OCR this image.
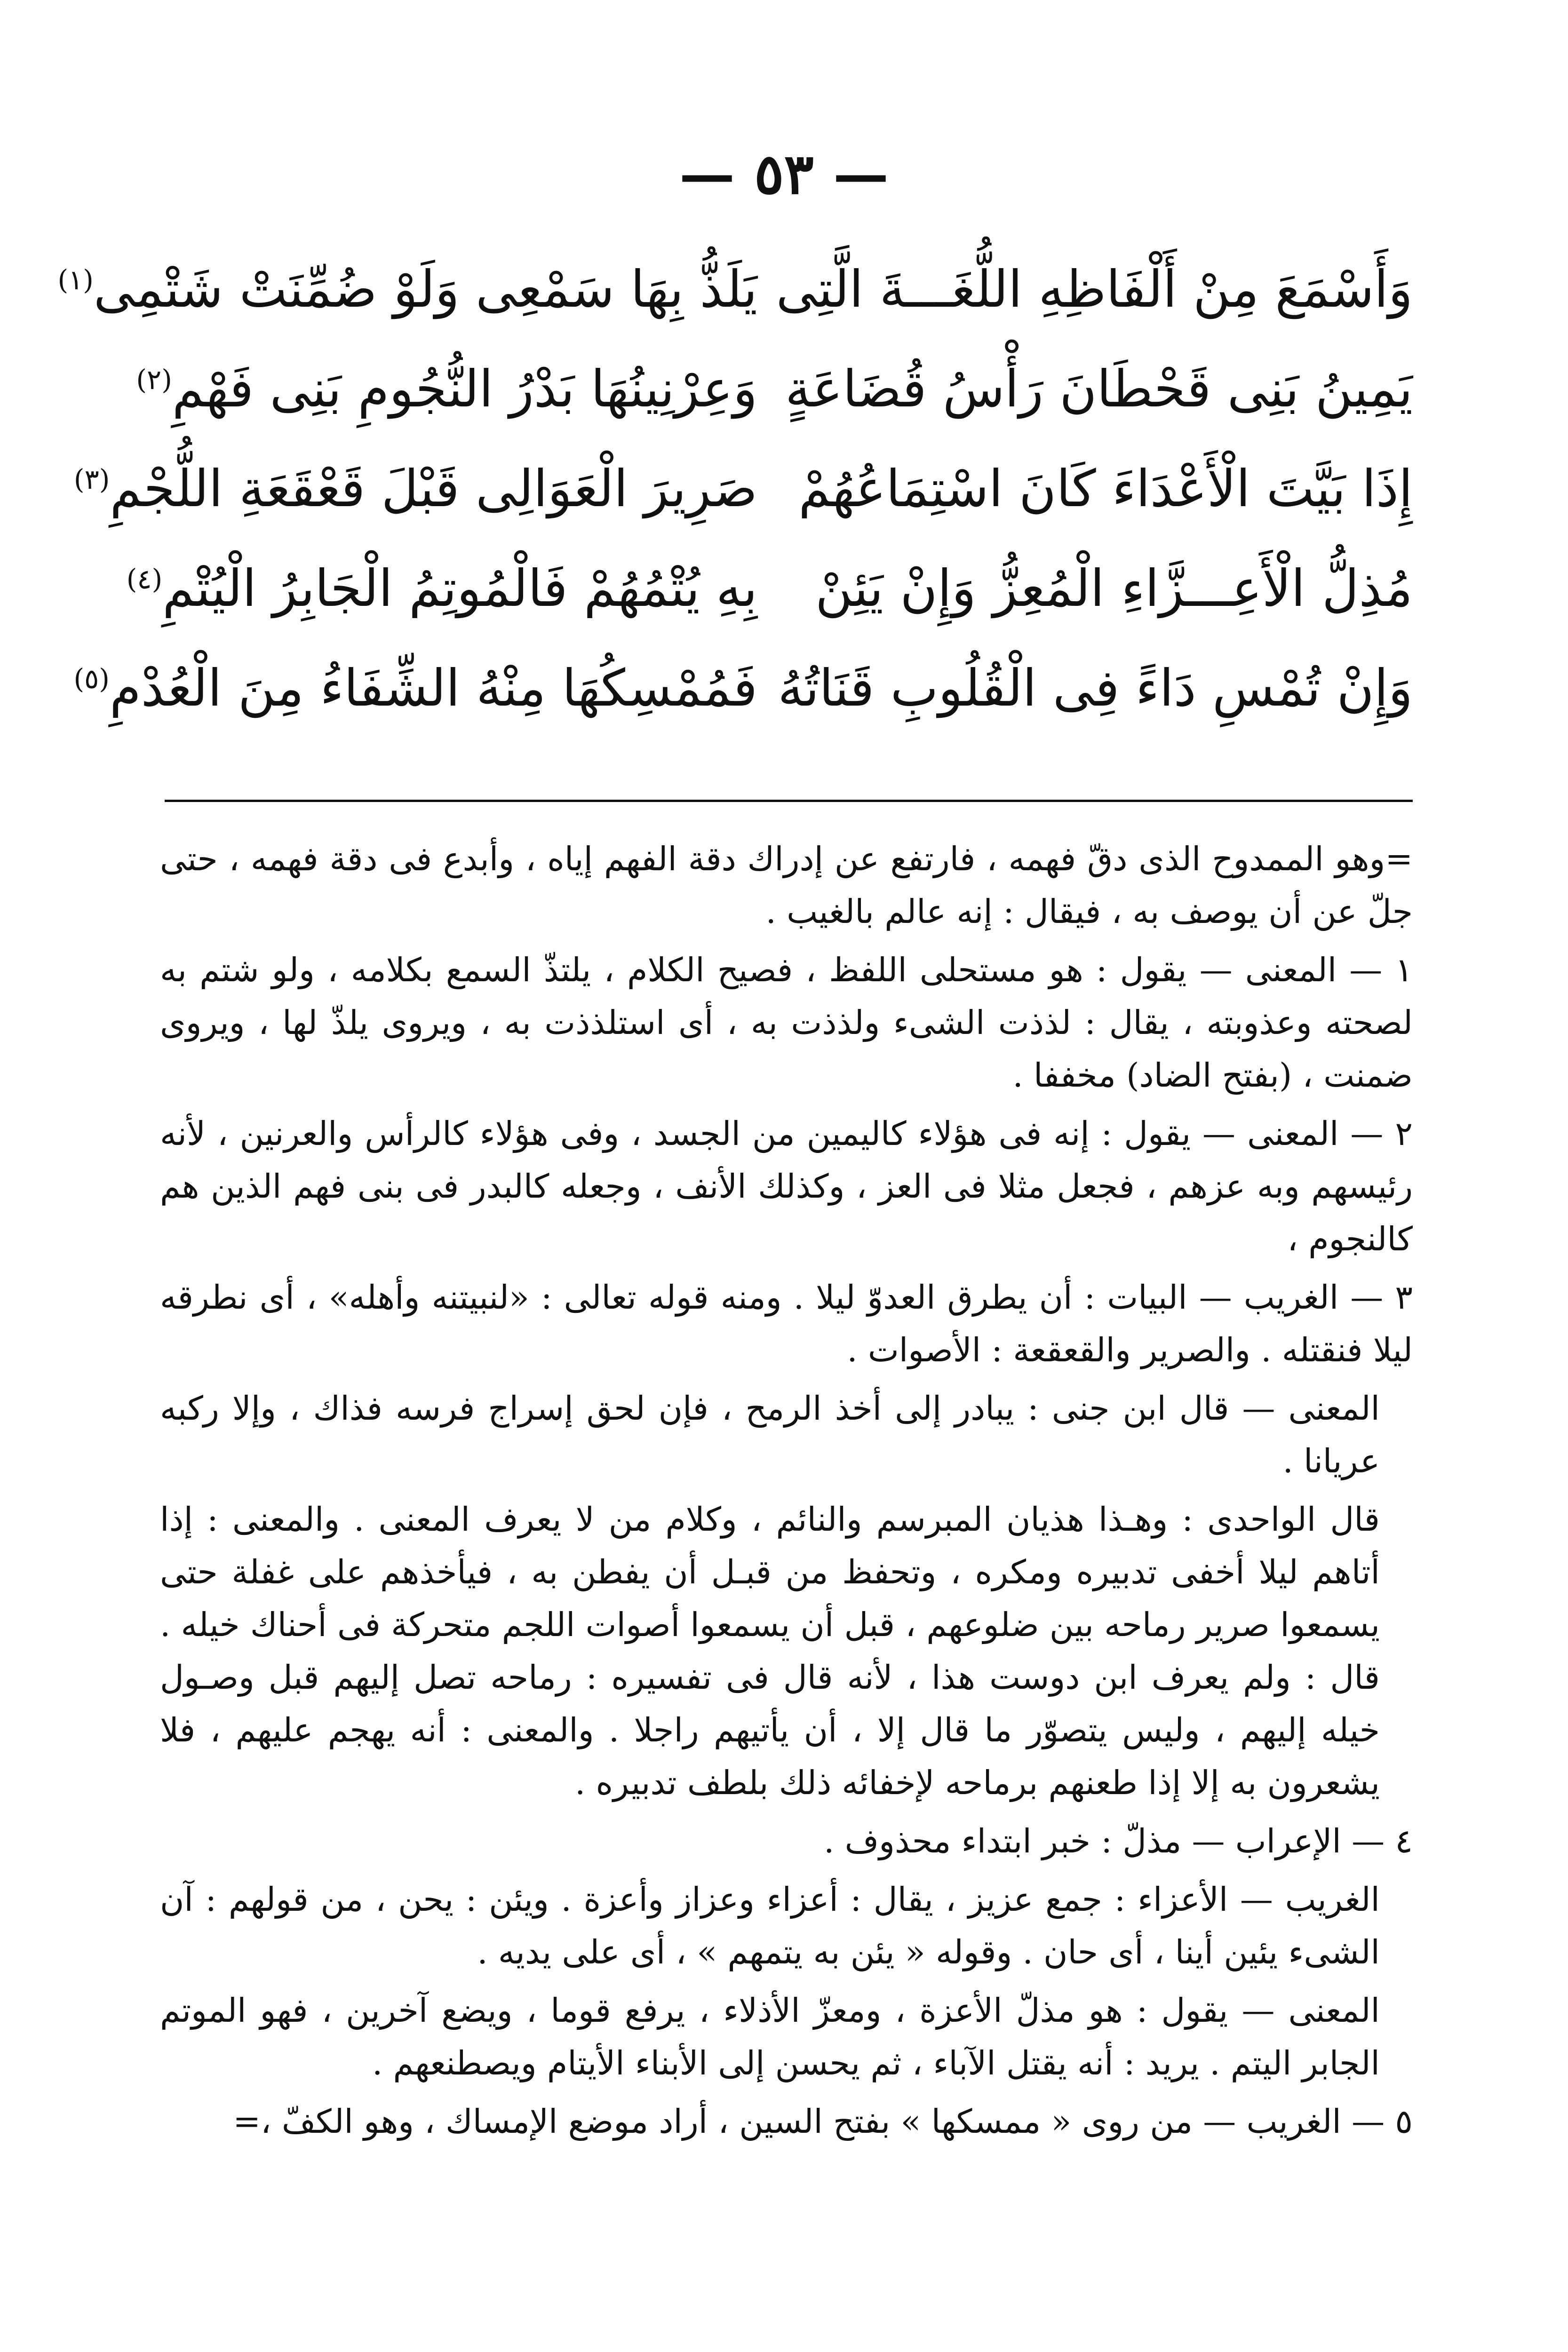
— ٥٣ —
وَأَسْمَعَ مِنْ أَلْفَاظِهِ اللُّغَـــةَ الَّتِى
يَلَذُّ بِهَا سَمْعِى وَلَوْ ضُمِّنَتْ شَتْمِى$^{(١)}$
يَمِينُ بَنِى قَحْطَانَ رَأْسُ قُضَاعَةٍ
وَعِرْنِينُهَا بَدْرُ النُّجُومِ بَنِى فَهْمِ$^{(٢)}$
إِذَا بَيَّتَ الْأَعْدَاءَ كَانَ اسْتِمَاعُهُمْ
صَرِيرَ الْعَوَالِى قَبْلَ قَعْقَعَةِ اللُّجْمِ$^{(٣)}$
مُذِلُّ الْأَعِـــزَّاءِ الْمُعِزُّ وَإِنْ يَئِنْ
بِهِ يُتْمُهُمْ فَالْمُوتِمُ الْجَابِرُ الْيُتْمِ$^{(٤)}$
وَإِنْ تُمْسِ دَاءً فِى الْقُلُوبِ قَنَاتُهُ
فَمُمْسِكُهَا مِنْهُ الشِّفَاءُ مِنَ الْعُدْمِ$^{(٥)}$

=وهو الممدوح الذى دقّ فهمه ، فارتفع عن إدراك دقة الفهم إياه ، وأبدع فى دقة فهمه ، حتى جلّ عن أن يوصف به ، فيقال : إنه عالم بالغيب .

١ — المعنى — يقول : هو مستحلى اللفظ ، فصيح الكلام ، يلتذّ السمع بكلامه ، ولو شتم به لصحته وعذوبته ، يقال : لذذت الشىء ولذذت به ، أى استلذذت به ، ويروى يلذّ لها ، ويروى ضمنت ، (بفتح الضاد) مخففا .

٢ — المعنى — يقول : إنه فى هؤلاء كاليمين من الجسد ، وفى هؤلاء كالرأس والعرنين ، لأنه رئيسهم وبه عزهم ، فجعل مثلا فى العز ، وكذلك الأنف ، وجعله كالبدر فى بنى فهم الذين هم كالنجوم ،

٣ — الغريب — البيات : أن يطرق العدوّ ليلا . ومنه قوله تعالى : «لنبيتنه وأهله» ، أى نطرقه ليلا فنقتله . والصرير والقعقعة : الأصوات .

المعنى — قال ابن جنى : يبادر إلى أخذ الرمح ، فإن لحق إسراج فرسه فذاك ، وإلا ركبه عريانا .

قال الواحدى : وهـذا هذيان المبرسم والنائم ، وكلام من لا يعرف المعنى . والمعنى : إذا أتاهم ليلا أخفى تدبيره ومكره ، وتحفظ من قبـل أن يفطن به ، فيأخذهم على غفلة حتى يسمعوا صرير رماحه بين ضلوعهم ، قبل أن يسمعوا أصوات اللجم متحركة فى أحناك خيله . قال : ولم يعرف ابن دوست هذا ، لأنه قال فى تفسيره : رماحه تصل إليهم قبل وصـول خيله إليهم ، وليس يتصوّر ما قال إلا ، أن يأتيهم راجلا . والمعنى : أنه يهجم عليهم ، فلا يشعرون به إلا إذا طعنهم برماحه لإخفائه ذلك بلطف تدبيره .

٤ — الإعراب — مذلّ : خبر ابتداء محذوف .

الغريب — الأعزاء : جمع عزيز ، يقال : أعزاء وعزاز وأعزة . ويئن : يحن ، من قولهم : آن الشىء يئين أينا ، أى حان . وقوله « يئن به يتمهم » ، أى على يديه .

المعنى — يقول : هو مذلّ الأعزة ، ومعزّ الأذلاء ، يرفع قوما ، ويضع آخرين ، فهو الموتم الجابر اليتم . يريد : أنه يقتل الآباء ، ثم يحسن إلى الأبناء الأيتام ويصطنعهم .

٥ — الغريب — من روى « ممسكها » بفتح السين ، أراد موضع الإمساك ، وهو الكفّ ،=
